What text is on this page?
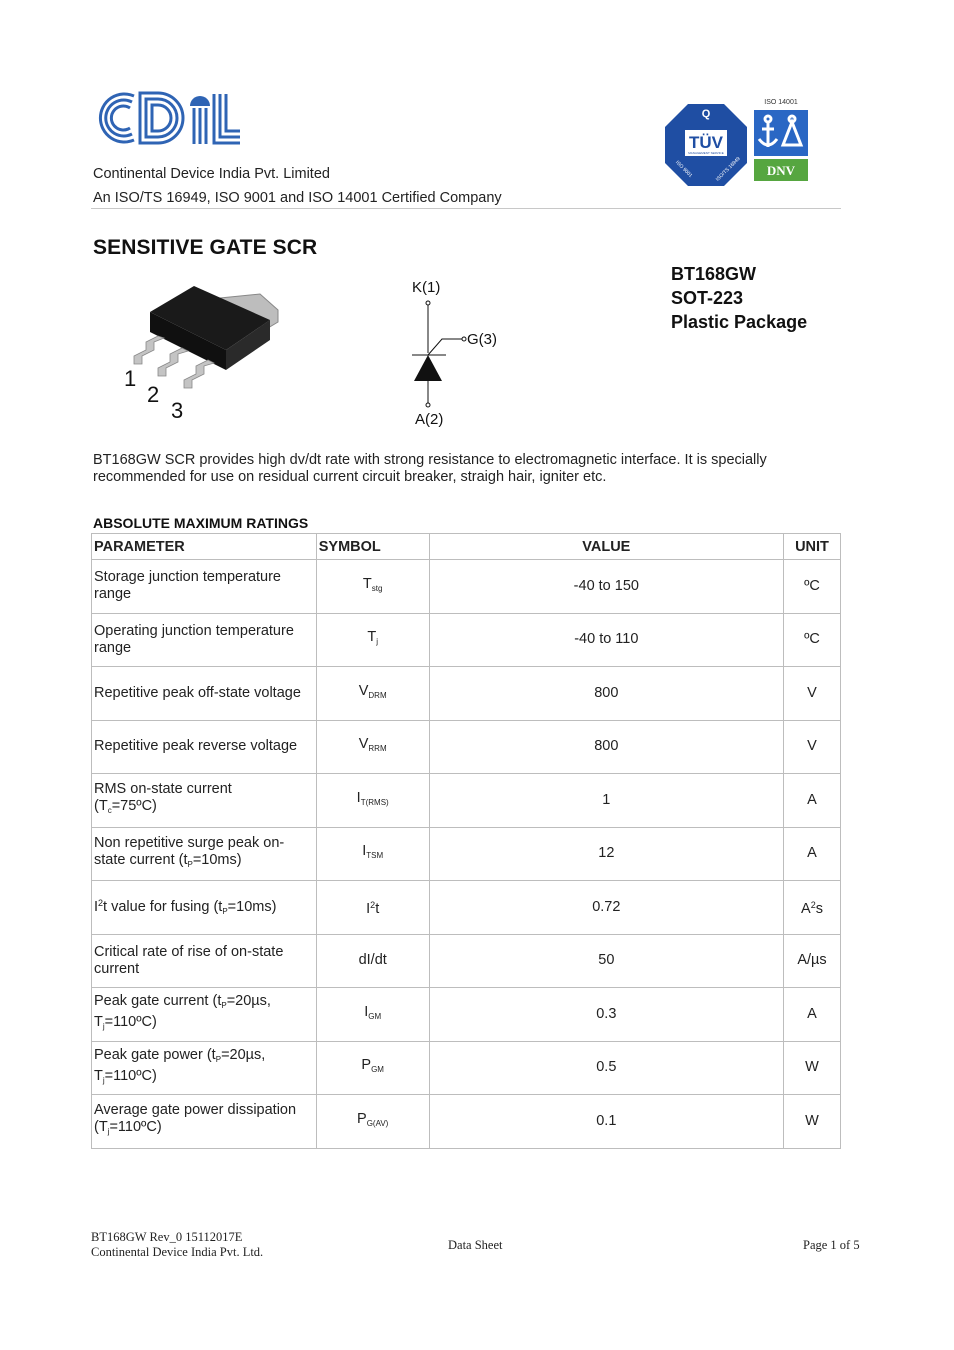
TÜV
Q
MANAGEMENT SERVICE
ISO 9001	ISO/TS 16949
ISO 14001
DNV
Continental Device India Pvt. Limited
An ISO/TS 16949, ISO 9001 and ISO 14001 Certified Company
SENSITIVE GATE SCR
BT168GW
SOT-223
Plastic Package
1
2
3
K(1)
G(3)
A(2)
BT168GW SCR provides high dv/dt rate with strong resistance to electromagnetic interface. It is specially recommended for use on residual current circuit breaker, straigh hair, igniter etc.
ABSOLUTE MAXIMUM RATINGS
PARAMETER	SYMBOL	VALUE	UNIT
Storage junction temperature range	$T_{stg}$	-40 to 150	ºC
Operating junction temperature range	$T_j$	-40 to 110	ºC
Repetitive peak off-state voltage	$V_{DRM}$	800	V
Repetitive peak reverse voltage	$V_{RRM}$	800	V
RMS on-state current
$(T_c=75ºC)$	$I_{T(RMS)}$	1	A
Non repetitive surge peak on-state current $(t_P=10ms)$	$I_{TSM}$	12	A
$I^2t$ value for fusing $(t_P=10ms)$	$I^2t$	0.72	$A^2s$
Critical rate of rise of on-state current	dI/dt	50	A/µs
Peak gate current ($t_P=20\mu s$, $T_j=110ºC$)	$I_{GM}$	0.3	A
Peak gate power ($t_P=20\mu s$, $T_j=110ºC$)	$P_{GM}$	0.5	W
Average gate power dissipation $(T_j=110ºC)$	$P_{G(AV)}$	0.1	W
BT168GW Rev_0 15112017E
Continental Device India Pvt. Ltd.	Data Sheet	Page 1 of 5
